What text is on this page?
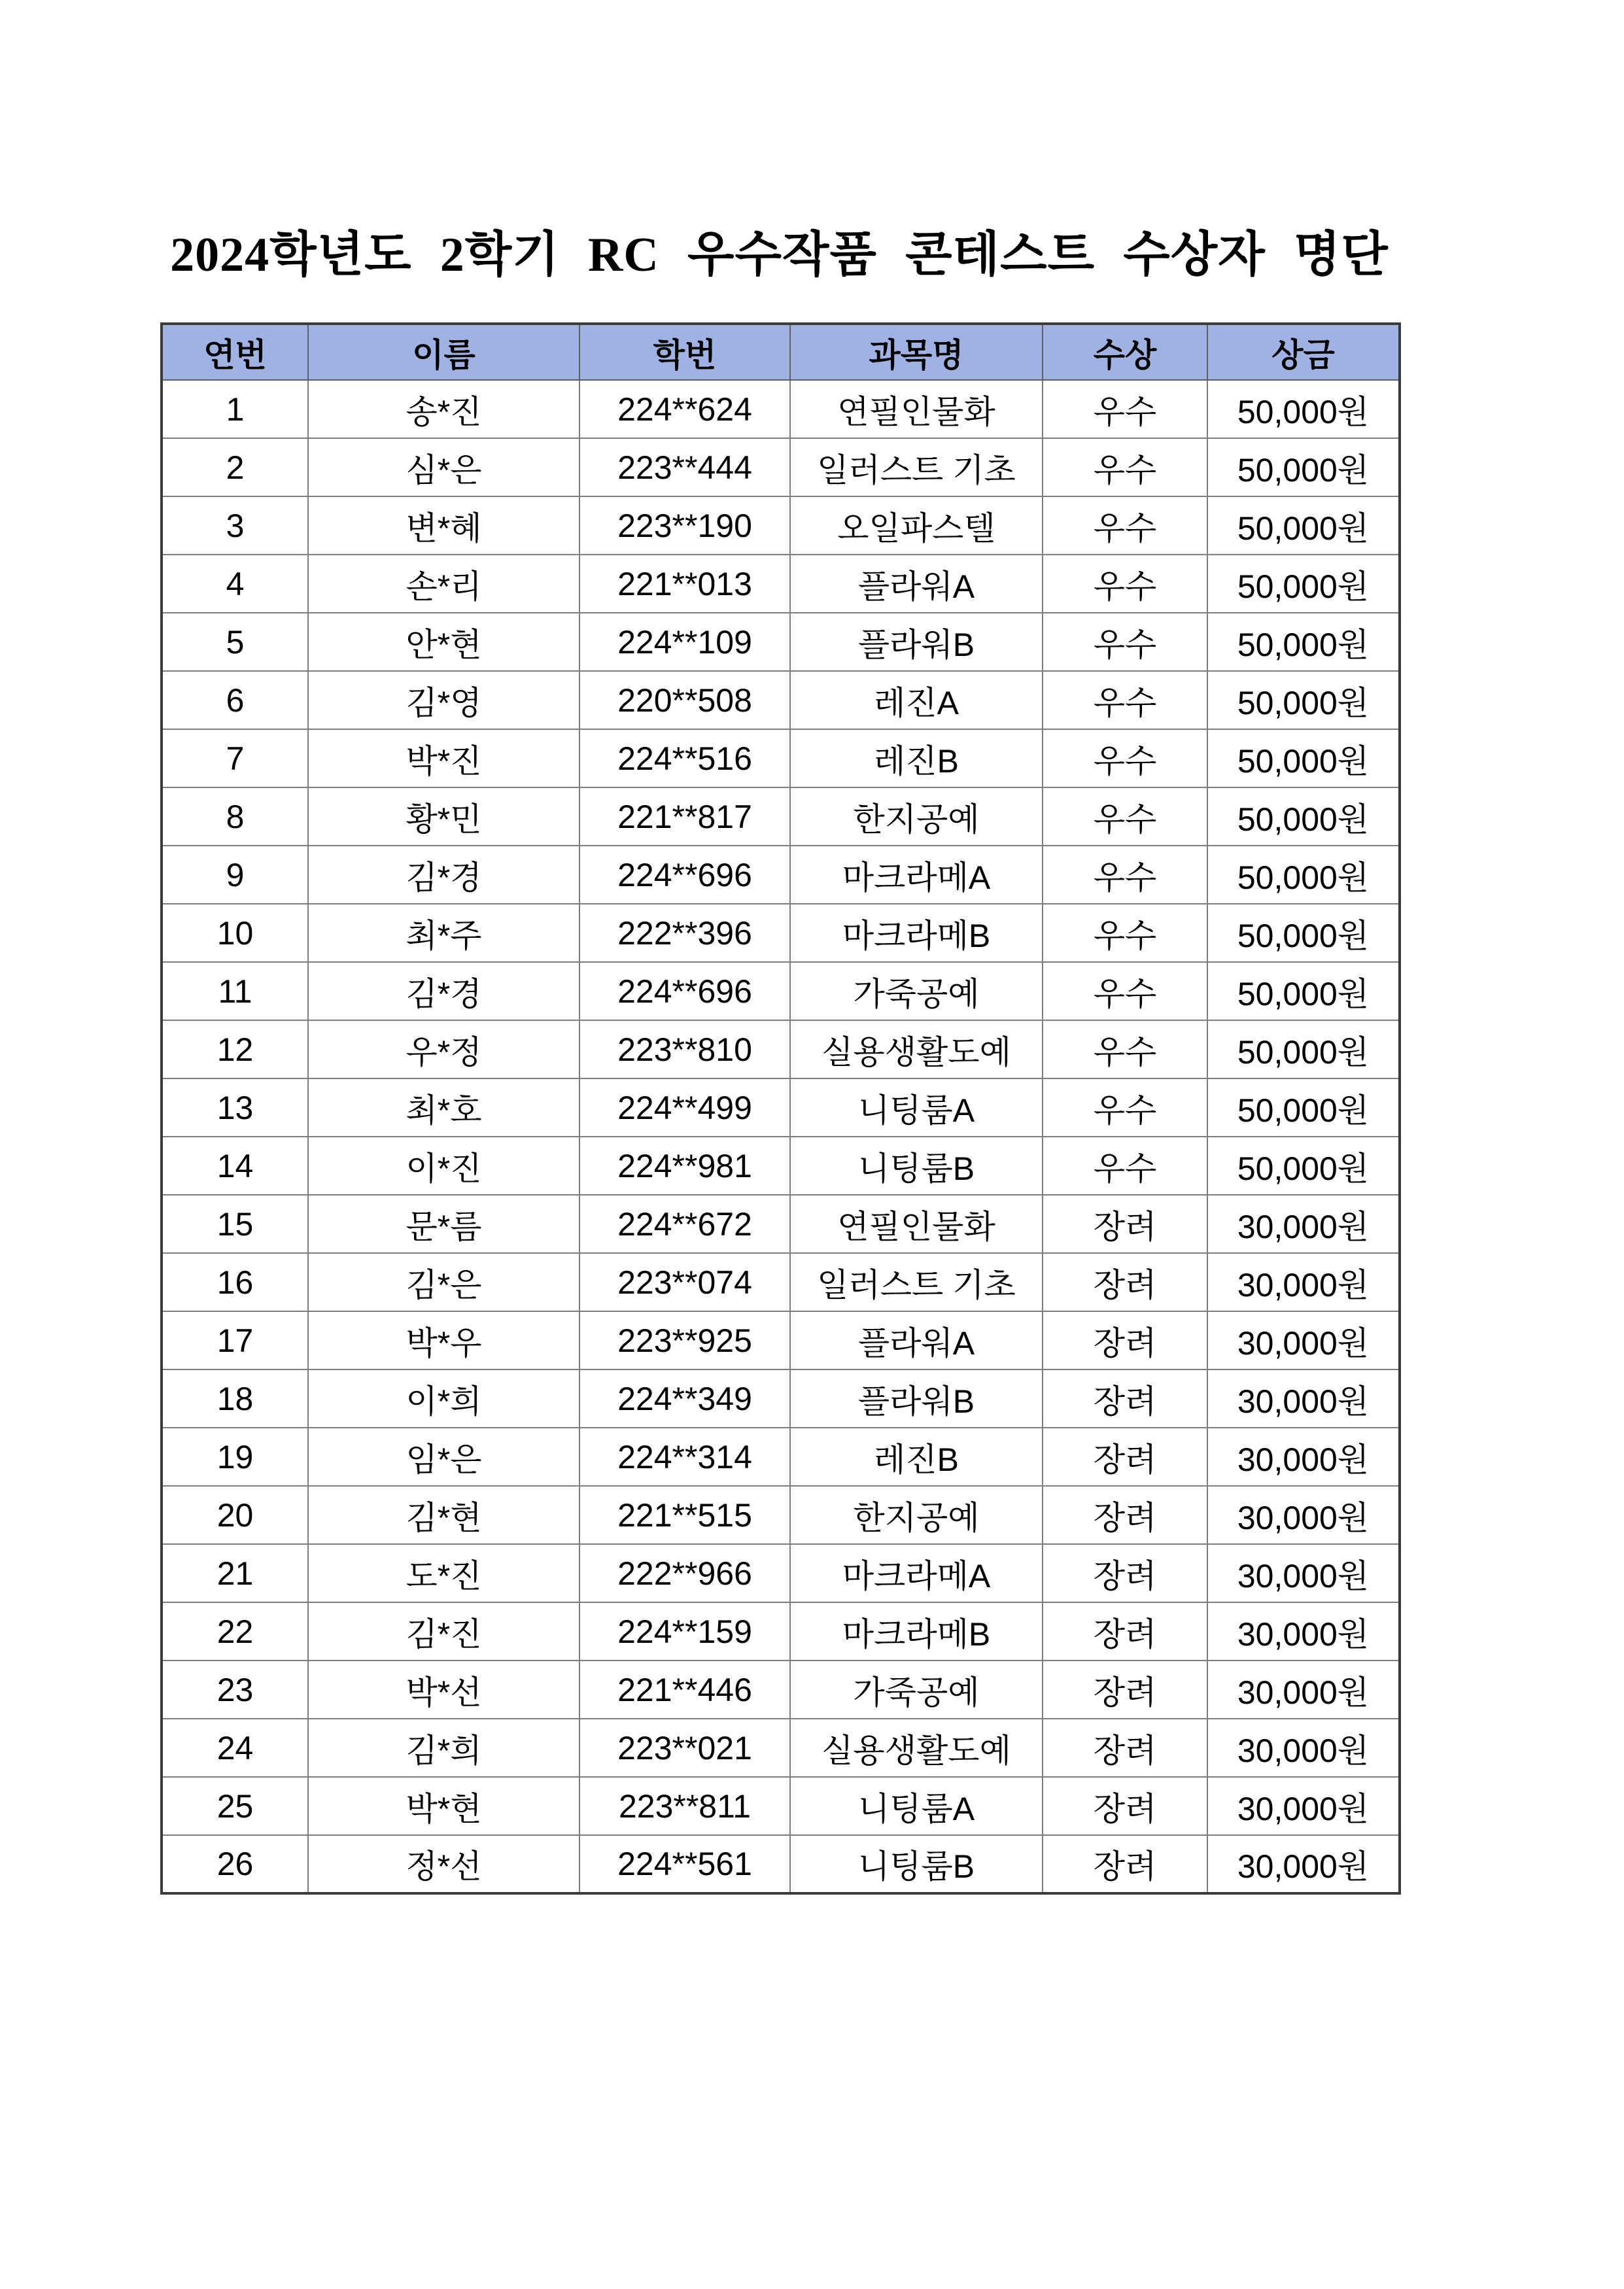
2024학년도 2학기 RC 우수작품 콘테스트 수상자 명단
연번	이름	학번	과목명	수상	상금
1	송*진	224**624	연필인물화	우수	50,000원
2	심*은	223**444	일러스트 기초	우수	50,000원
3	변*혜	223**190	오일파스텔	우수	50,000원
4	손*리	221**013	플라워A	우수	50,000원
5	안*현	224**109	플라워B	우수	50,000원
6	김*영	220**508	레진A	우수	50,000원
7	박*진	224**516	레진B	우수	50,000원
8	황*민	221**817	한지공예	우수	50,000원
9	김*경	224**696	마크라메A	우수	50,000원
10	최*주	222**396	마크라메B	우수	50,000원
11	김*경	224**696	가죽공예	우수	50,000원
12	우*정	223**810	실용생활도예	우수	50,000원
13	최*호	224**499	니팅룸A	우수	50,000원
14	이*진	224**981	니팅룸B	우수	50,000원
15	문*름	224**672	연필인물화	장려	30,000원
16	김*은	223**074	일러스트 기초	장려	30,000원
17	박*우	223**925	플라워A	장려	30,000원
18	이*희	224**349	플라워B	장려	30,000원
19	임*은	224**314	레진B	장려	30,000원
20	김*현	221**515	한지공예	장려	30,000원
21	도*진	222**966	마크라메A	장려	30,000원
22	김*진	224**159	마크라메B	장려	30,000원
23	박*선	221**446	가죽공예	장려	30,000원
24	김*희	223**021	실용생활도예	장려	30,000원
25	박*현	223**811	니팅룸A	장려	30,000원
26	정*선	224**561	니팅룸B	장려	30,000원
